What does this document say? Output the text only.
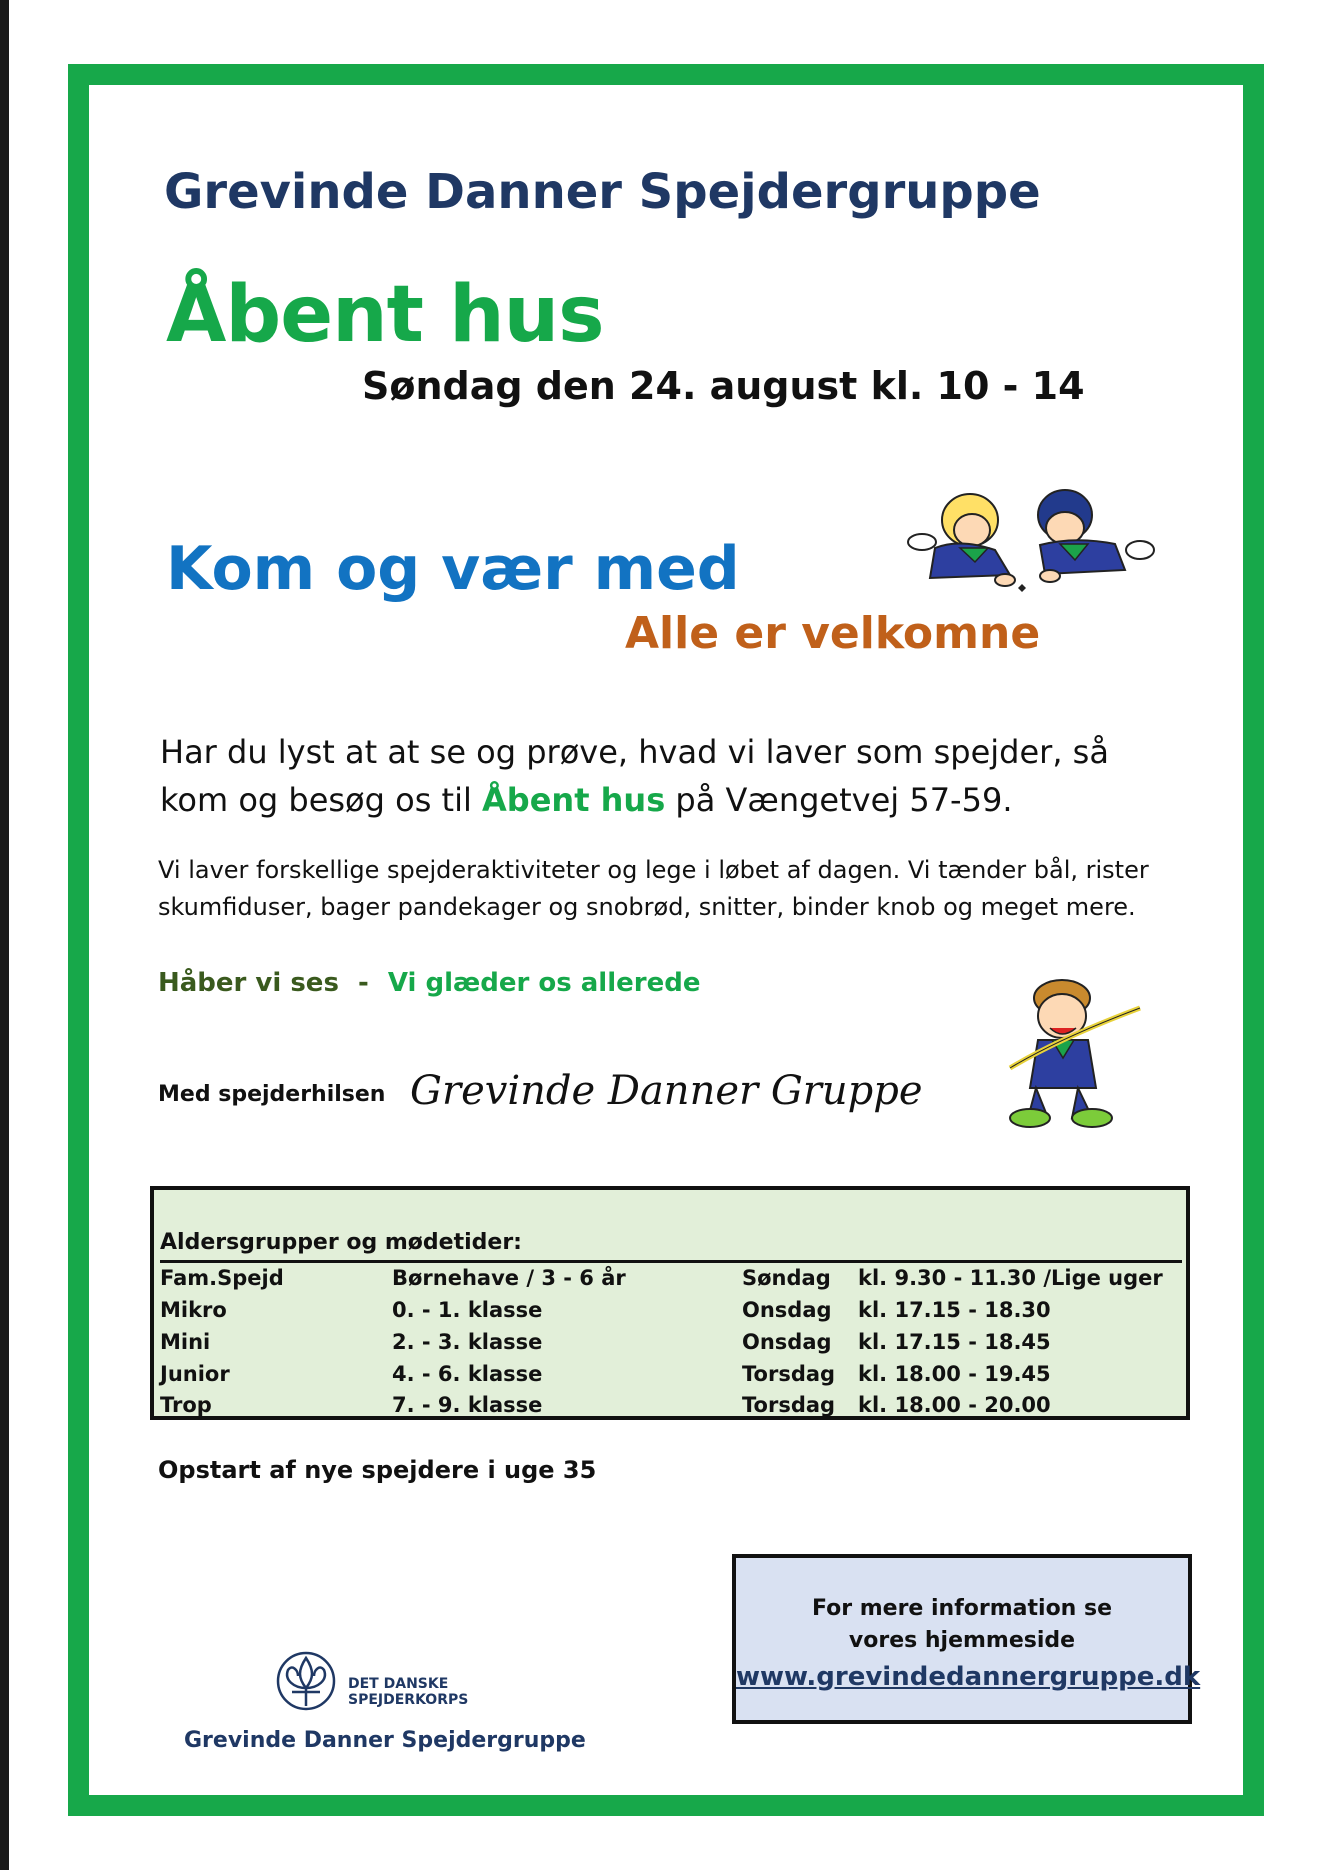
Grevinde Danner Spejdergruppe
Åbent hus
Søndag den 24. august kl. 10 - 14
Kom og vær med
Alle er velkomne
Har du lyst at at se og prøve, hvad vi laver som spejder, så
kom og besøg os til Åbent hus på Vængetvej 57-59.
Vi laver forskellige spejderaktiviteter og lege i løbet af dagen. Vi tænder bål, rister
skumfiduser, bager pandekager og snobrød, snitter, binder knob og meget mere.
Håber vi ses - Vi glæder os allerede
Med spejderhilsen Grevinde Danner Gruppe
Aldersgrupper og mødetider:
Fam.Spejd	Børnehave / 3 - 6 år	Søndag kl. 9.30 - 11.30 /Lige uger
Mikro	0. - 1. klasse	Onsdag kl. 17.15 - 18.30
Mini	2. - 3. klasse	Onsdag kl. 17.15 - 18.45
Junior	4. - 6. klasse	Torsdag kl. 18.00 - 19.45
Trop	7. - 9. klasse	Torsdag kl. 18.00 - 20.00
Opstart af nye spejdere i uge 35
For mere information se
vores hjemmeside
www.grevindedannergruppe.dk
DET DANSKE
SPEJDERKORPS
Grevinde Danner Spejdergruppe
